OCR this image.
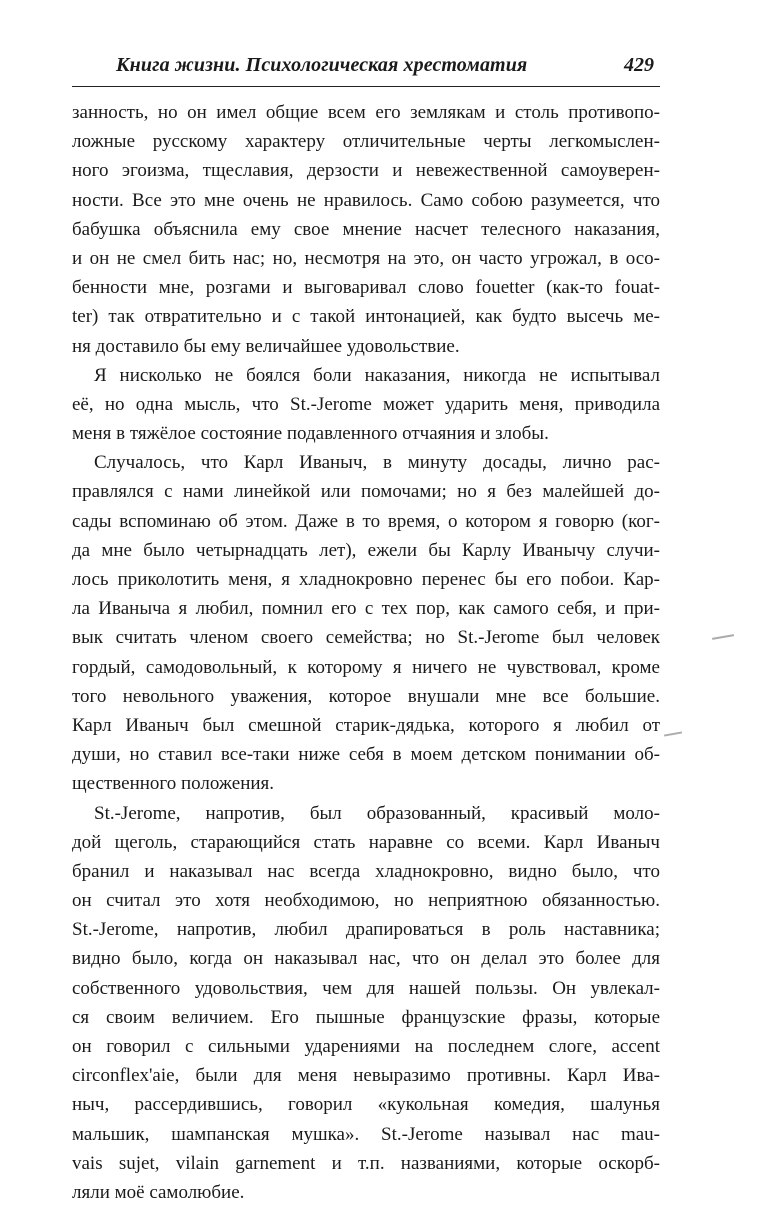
Книга жизни. Психологическая хрестоматия	429
занность, но он имел общие всем его землякам и столь противопо-
ложные русскому характеру отличительные черты легкомыслен-
ного эгоизма, тщеславия, дерзости и невежественной самоуверен-
ности. Все это мне очень не нравилось. Само собою разумеется, что
бабушка объяснила ему свое мнение насчет телесного наказания,
и он не смел бить нас; но, несмотря на это, он часто угрожал, в осо-
бенности мне, розгами и выговаривал слово fouetter (как-то fouat-
ter) так отвратительно и с такой интонацией, как будто высечь ме-
ня доставило бы ему величайшее удовольствие.
Я нисколько не боялся боли наказания, никогда не испытывал
её, но одна мысль, что St.-Jerome может ударить меня, приводила
меня в тяжёлое состояние подавленного отчаяния и злобы.
Случалось, что Карл Иваныч, в минуту досады, лично рас-
правлялся с нами линейкой или помочами; но я без малейшей до-
сады вспоминаю об этом. Даже в то время, о котором я говорю (ког-
да мне было четырнадцать лет), ежели бы Карлу Иванычу случи-
лось приколотить меня, я хладнокровно перенес бы его побои. Кар-
ла Иваныча я любил, помнил его с тех пор, как самого себя, и при-
вык считать членом своего семейства; но St.-Jerome был человек
гордый, самодовольный, к которому я ничего не чувствовал, кроме
того невольного уважения, которое внушали мне все большие.
Карл Иваныч был смешной старик-дядька, которого я любил от
души, но ставил все-таки ниже себя в моем детском понимании об-
щественного положения.
St.-Jerome, напротив, был образованный, красивый моло-
дой щеголь, старающийся стать наравне со всеми. Карл Иваныч
бранил и наказывал нас всегда хладнокровно, видно было, что
он считал это хотя необходимою, но неприятною обязанностью.
St.-Jerome, напротив, любил драпироваться в роль наставника;
видно было, когда он наказывал нас, что он делал это более для
собственного удовольствия, чем для нашей пользы. Он увлекал-
ся своим величием. Его пышные французские фразы, которые
он говорил с сильными ударениями на последнем слоге, accent
circonflex'aie, были для меня невыразимо противны. Карл Ива-
ныч, рассердившись, говорил «кукольная комедия, шалунья
мальшик, шампанская мушка». St.-Jerome называл нас mau-
vais sujet, vilain garnement и т.п. названиями, которые оскорб-
ляли моё самолюбие.
